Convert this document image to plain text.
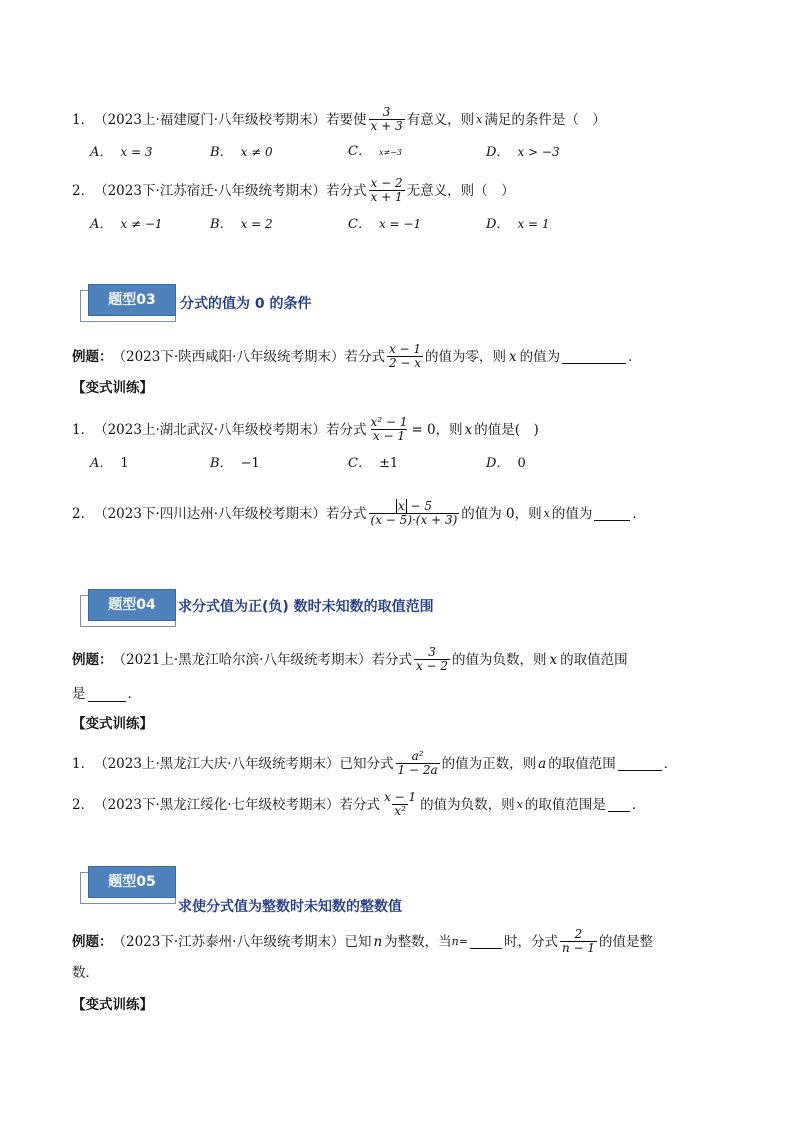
1． （2023上·福建厦门·八年级校考期末）若要使 $\frac{3}{x + 3}$ 有意义，则 x 满足的条件是（　）
A． x = 3	B． x ≠ 0	C． x≠−3	D． x > −3
2． （2023下·江苏宿迁·八年级统考期末）若分式 $\frac{x - 2}{x + 1}$ 无意义，则（　）
A． x ≠ −1	B． x = 2	C． x = −1	D． x = 1
题型03	分式的值为 0 的条件
例题： （2023下·陕西咸阳·八年级统考期末）若分式 $\frac{x - 1}{2 - x}$ 的值为零，则 x 的值为	．
【变式训练】
1． （2023上·湖北武汉·八年级校考期末）若分式 $\frac{\text{x² − 1}}{x - 1} = 0$，则 x 的值是(　)
A． 1	B． −1	C． ±1	D． 0
2． （2023下·四川达州·八年级校考期末）若分式 $\frac{x - 5}{(x - 5)\cdot(x + 3)}$ 的值为 0，则 x 的值为	．
题型04	求分式值为正(负) 数时未知数的取值范围
例题： （2021上·黑龙江哈尔滨·八年级统考期末）若分式 $\frac{3}{x - 2}$ 的值为负数，则 x 的取值范围
是	．
【变式训练】
1． （2023上·黑龙江大庆·八年级统考期末）已知分式 $\frac{\text{a²}}{1 - 2a}$ 的值为正数，则 a 的取值范围	．
2． （2023下·黑龙江绥化·七年级校考期末）若分式 $\frac{x - 1}{\text{x²}}$ 的值为负数，则 x 的取值范围是 ．
题型05
求使分式值为整数时未知数的整数值
例题： （2023下·江苏泰州·八年级统考期末）已知 n 为整数，当 n =	时，分式 $\frac{2}{n - 1}$ 的值是整
数．
【变式训练】
